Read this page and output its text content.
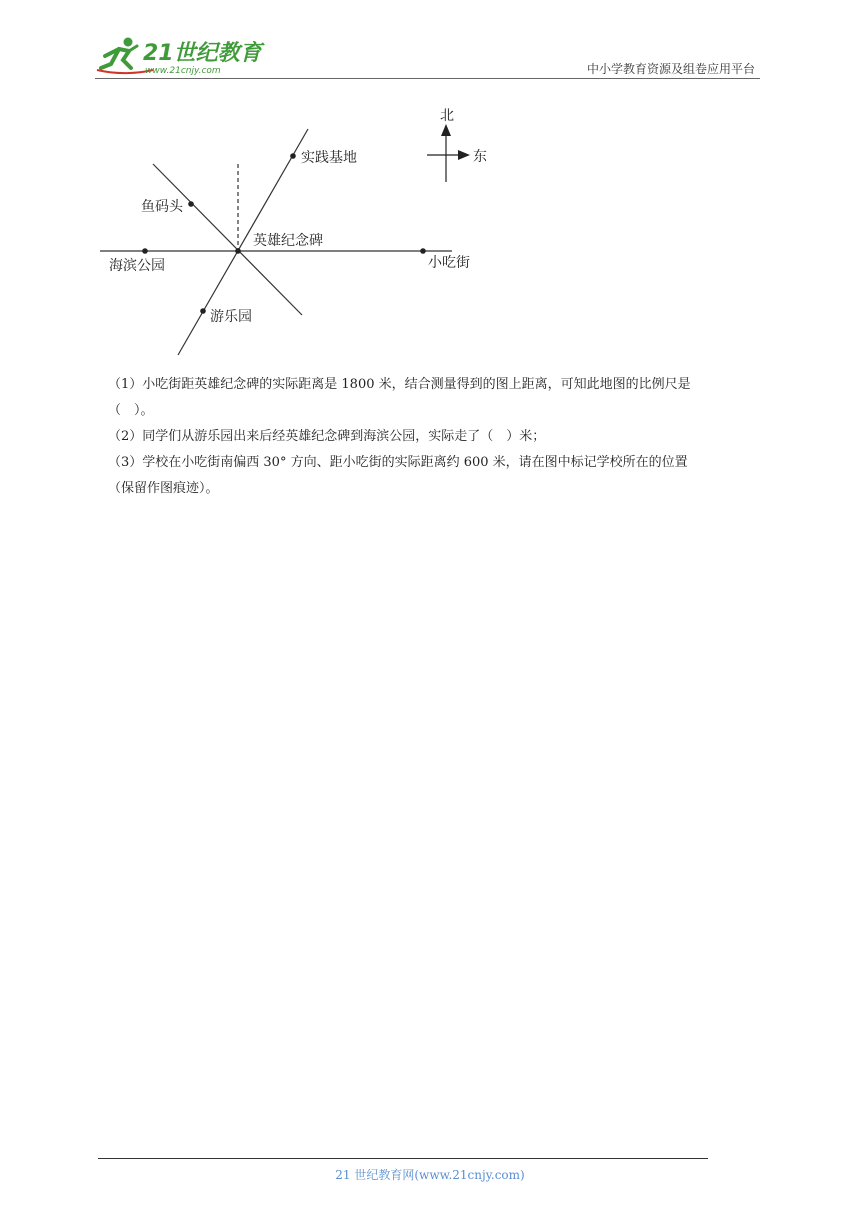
21世纪教育
www.21cnjy.com	中小学教育资源及组卷应用平台
实践基地
鱼码头
英雄纪念碑
海滨公园	小吃街
游乐园
北
东

（1）小吃街距英雄纪念碑的实际距离是 1800 米，结合测量得到的图上距离，可知此地图的比例尺是
（　）。

（2）同学们从游乐园出来后经英雄纪念碑到海滨公园，实际走了（　）米；

（3）学校在小吃街南偏西 30° 方向、距小吃街的实际距离约 600 米，请在图中标记学校所在的位置
（保留作图痕迹）。

21 世纪教育网(www.21cnjy.com)
